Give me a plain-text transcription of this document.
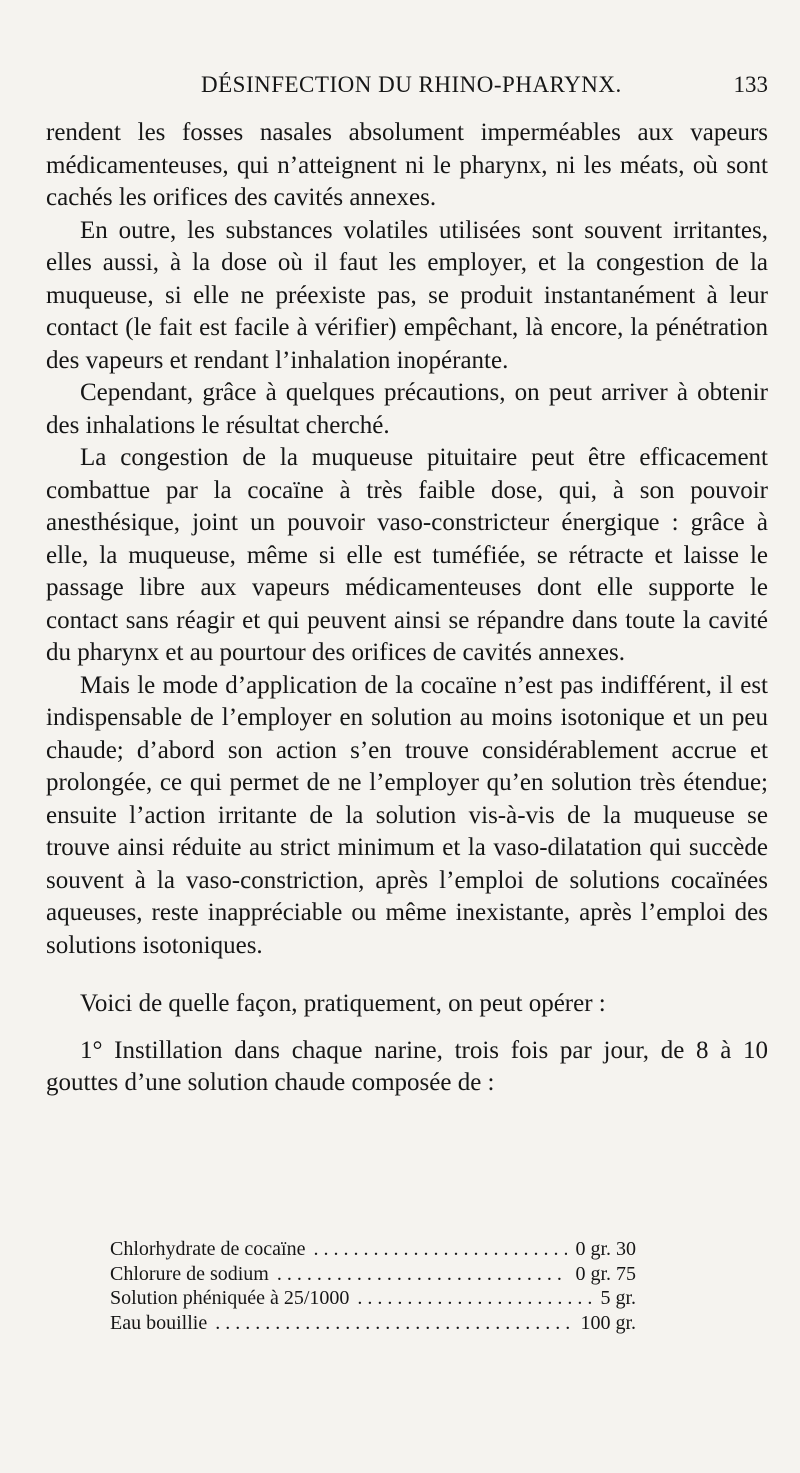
DÉSINFECTION DU RHINO-PHARYNX.	133

rendent les fosses nasales absolument imperméables aux vapeurs médicamenteuses, qui n’atteignent ni le pharynx, ni les méats, où sont cachés les orifices des cavités annexes.

En outre, les substances volatiles utilisées sont souvent irritantes, elles aussi, à la dose où il faut les employer, et la congestion de la muqueuse, si elle ne préexiste pas, se produit instantanément à leur contact (le fait est facile à vérifier) empêchant, là encore, la pénétration des vapeurs et rendant l’inhalation inopérante.

Cependant, grâce à quelques précautions, on peut arriver à obtenir des inhalations le résultat cherché.

La congestion de la muqueuse pituitaire peut être efficacement combattue par la cocaïne à très faible dose, qui, à son pouvoir anesthésique, joint un pouvoir vaso-constricteur énergique : grâce à elle, la muqueuse, même si elle est tuméfiée, se rétracte et laisse le passage libre aux vapeurs médicamenteuses dont elle supporte le contact sans réagir et qui peuvent ainsi se répandre dans toute la cavité du pharynx et au pourtour des orifices de cavités annexes.

Mais le mode d’application de la cocaïne n’est pas indifférent, il est indispensable de l’employer en solution au moins isotonique et un peu chaude; d’abord son action s’en trouve considérablement accrue et prolongée, ce qui permet de ne l’employer qu’en solution très étendue; ensuite l’action irritante de la solution vis-à-vis de la muqueuse se trouve ainsi réduite au strict minimum et la vaso-dilatation qui succède souvent à la vaso-constriction, après l’emploi de solutions cocaïnées aqueuses, reste inappréciable ou même inexistante, après l’emploi des solutions isotoniques.

Voici de quelle façon, pratiquement, on peut opérer :

1° Instillation dans chaque narine, trois fois par jour, de 8 à 10 gouttes d’une solution chaude composée de :

Chlorhydrate de cocaïne . . .	0 gr. 30
Chlorure de sodium . . .	0 gr. 75
Solution phéniquée à 25/1000 . . .	5 gr.
Eau bouillie . . .	100 gr.
